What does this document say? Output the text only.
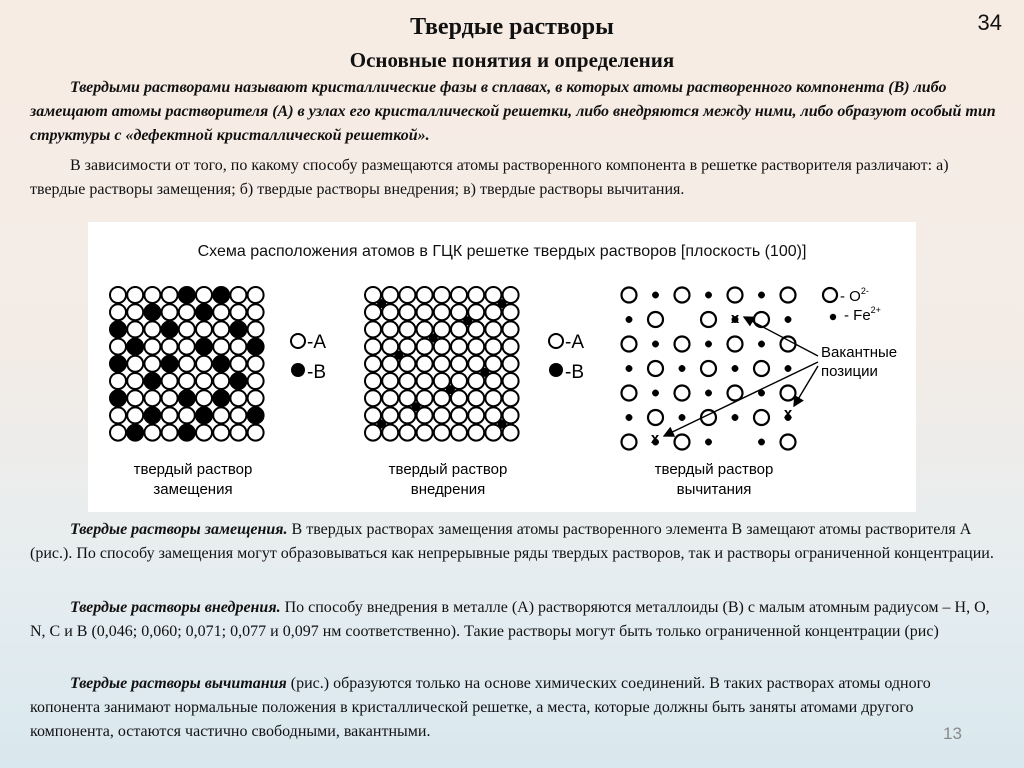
34
Твердые растворы
Основные понятия и определения
Твердыми растворами называют кристаллические фазы в сплавах, в которых атомы растворенного компонента (B) либо замещают атомы растворителя (А) в узлах его кристаллической решетки, либо внедряются между ними, либо образуют особый тип структуры с «дефектной кристаллической решеткой».
В зависимости от того, по какому способу размещаются атомы растворенного компонента в решетке растворителя различают: а) твердые растворы замещения; б) твердые растворы внедрения; в) твердые растворы вычитания.
Схема расположения атомов в ГЦК решетке твердых растворов [плоскость (100)]
-A
-B
-A
-B
- $O^{2-}$
- $Fe^{2+}$
x
x
x
Вакантные
позиции
твердый раствор
замещения
твердый раствор
внедрения
твердый раствор
вычитания
Твердые растворы замещения. В твердых растворах замещения атомы растворенного элемента В замещают атомы растворителя А (рис.). По способу замещения могут образовываться как непрерывные ряды твердых растворов, так и растворы ограниченной концентрации.
Твердые растворы внедрения. По способу внедрения в металле (А) растворяются металлоиды (В) с малым атомным радиусом – H, O, N, C и B (0,046; 0,060; 0,071; 0,077 и 0,097 нм соответственно). Такие растворы могут быть только ограниченной концентрации (рис)
Твердые растворы вычитания (рис.) образуются только на основе химических соединений. В таких растворах атомы одного копонента занимают нормальные положения в кристаллической решетке, а места, которые должны быть заняты атомами другого компонента, остаются частично свободными, вакантными.	13
